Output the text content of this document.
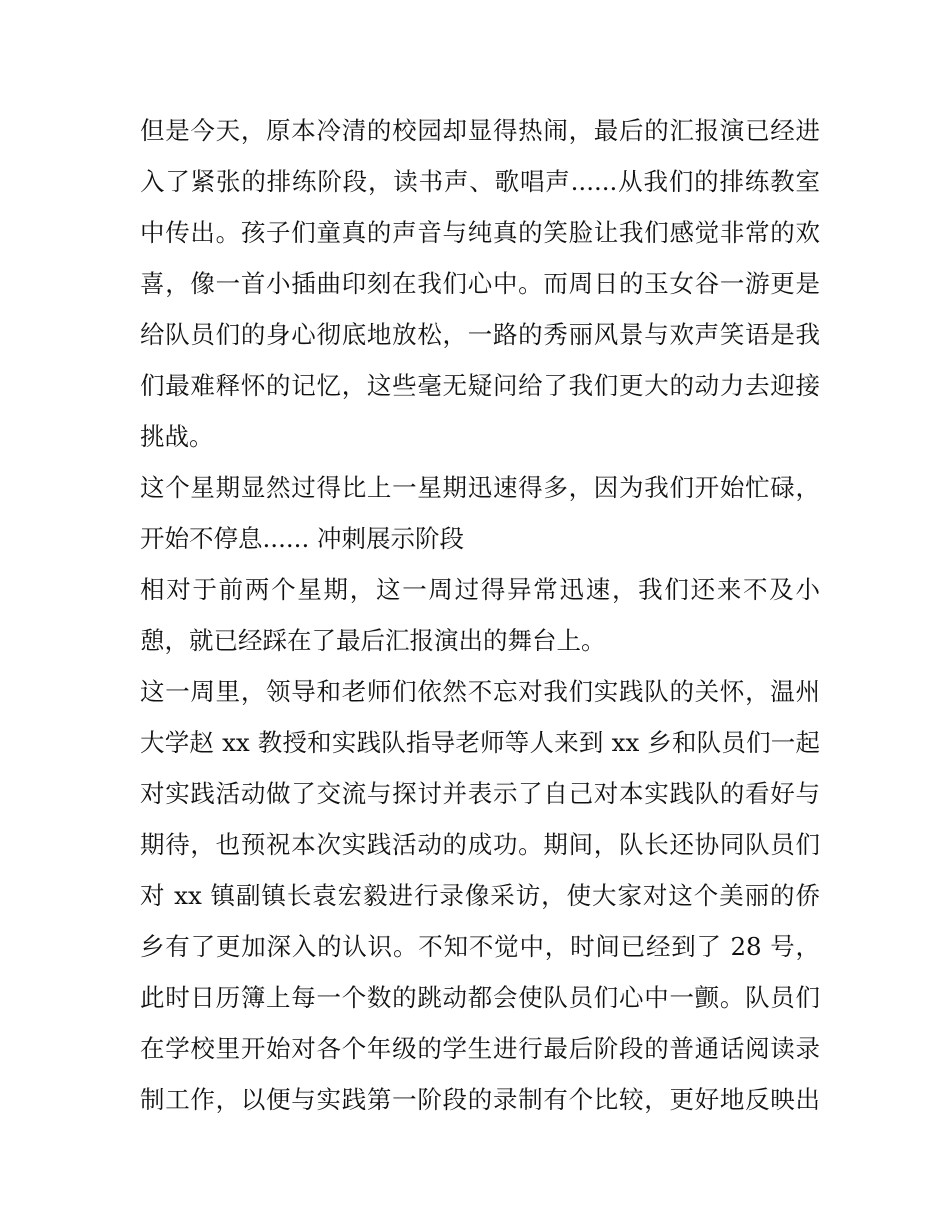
但是今天，原本冷清的校园却显得热闹，最后的汇报演已经进入了紧张的排练阶段，读书声、歌唱声......从我们的排练教室中传出。孩子们童真的声音与纯真的笑脸让我们感觉非常的欢喜，像一首小插曲印刻在我们心中。而周日的玉女谷一游更是给队员们的身心彻底地放松，一路的秀丽风景与欢声笑语是我们最难释怀的记忆，这些毫无疑问给了我们更大的动力去迎接挑战。

这个星期显然过得比上一星期迅速得多，因为我们开始忙碌，开始不停息...... 冲刺展示阶段

相对于前两个星期，这一周过得异常迅速，我们还来不及小憩，就已经踩在了最后汇报演出的舞台上。

这一周里，领导和老师们依然不忘对我们实践队的关怀，温州大学赵 xx 教授和实践队指导老师等人来到 xx 乡和队员们一起对实践活动做了交流与探讨并表示了自己对本实践队的看好与期待，也预祝本次实践活动的成功。期间，队长还协同队员们对 xx 镇副镇长袁宏毅进行录像采访，使大家对这个美丽的侨乡有了更加深入的认识。不知不觉中，时间已经到了 28 号，此时日历簿上每一个数的跳动都会使队员们心中一颤。队员们在学校里开始对各个年级的学生进行最后阶段的普通话阅读录制工作，以便与实践第一阶段的录制有个比较，更好地反映出
